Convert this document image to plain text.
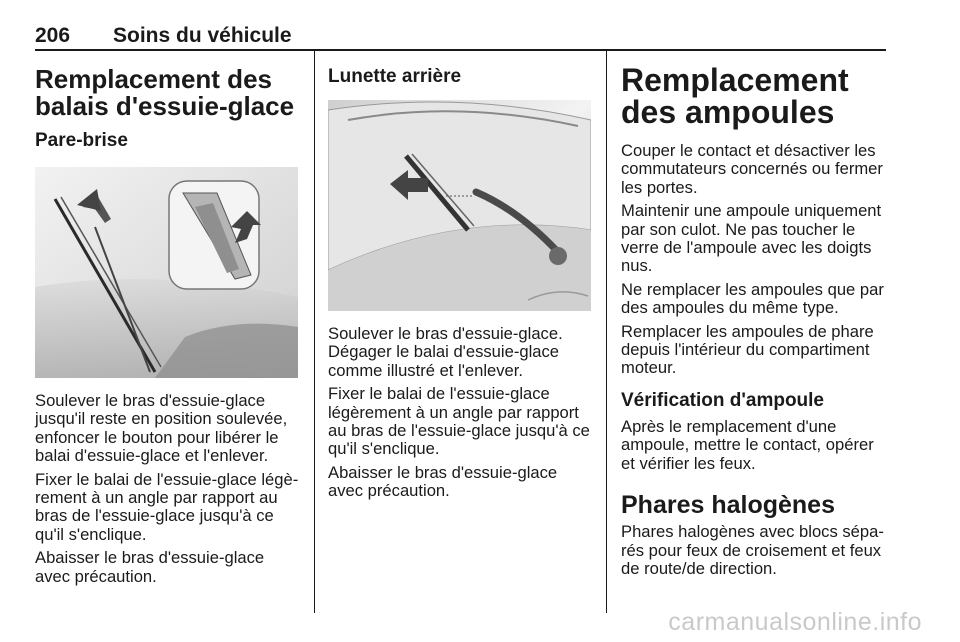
206 Soins du véhicule
Remplacement des balais d'essuie-glace
Pare-brise

Soulever le bras d'essuie-glace jusqu'il reste en position soulevée, enfoncer le bouton pour libérer le balai d'essuie-glace et l'enlever.

Fixer le balai de l'essuie-glace légèrement à un angle par rapport au bras de l'essuie-glace jusqu'à ce qu'il s'enclique.

Abaisser le bras d'essuie-glace avec précaution.

Lunette arrière

Soulever le bras d'essuie-glace. Dégager le balai d'essuie-glace comme illustré et l'enlever.

Fixer le balai de l'essuie-glace légèrement à un angle par rapport au bras de l'essuie-glace jusqu'à ce qu'il s'enclique.

Abaisser le bras d'essuie-glace avec précaution.

Remplacement des ampoules

Couper le contact et désactiver les commutateurs concernés ou fermer les portes.

Maintenir une ampoule uniquement par son culot. Ne pas toucher le verre de l'ampoule avec les doigts nus.

Ne remplacer les ampoules que par des ampoules du même type.

Remplacer les ampoules de phare depuis l'intérieur du compartiment moteur.

Vérification d'ampoule

Après le remplacement d'une ampoule, mettre le contact, opérer et vérifier les feux.

Phares halogènes

Phares halogènes avec blocs séparés pour feux de croisement et feux de route/de direction.

carmanualsonline.info
